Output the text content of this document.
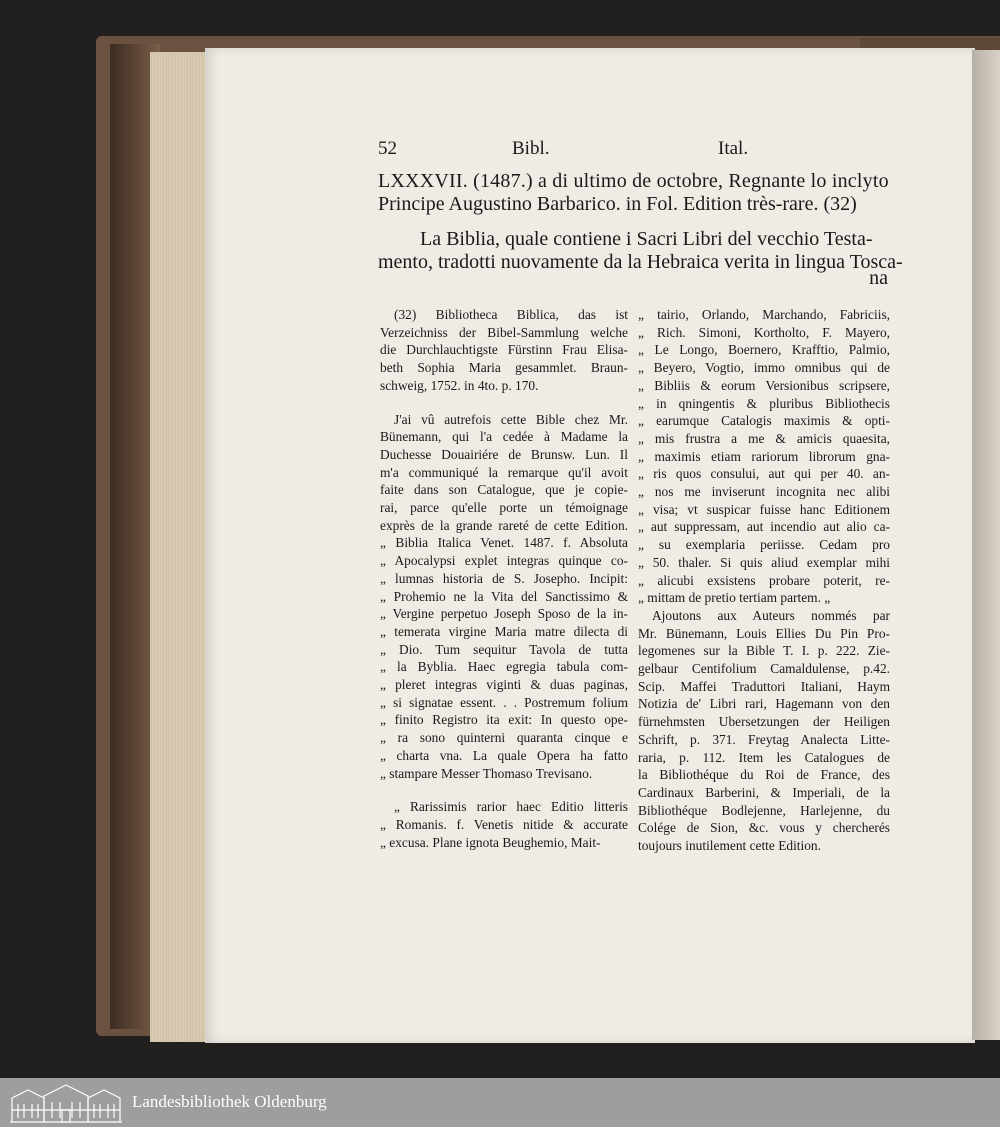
52	Bibl.	Ital.
LXXXVII. (1487.) a di ultimo de octobre, Regnante lo inclyto
Principe Augustino Barbarico. in Fol. Edition très-rare. (32)
La Biblia, quale contiene i Sacri Libri del vecchio Testa-
mento, tradotti nuovamente da la Hebraica verita in lingua Tosca-
na

(32) Bibliotheca Biblica, das ist

Verzeichniss der Bibel-Sammlung welche

die Durchlauchtigste Fürstinn Frau Elisa-

beth Sophia Maria gesammlet. Braun-

schweig, 1752. in 4to. p. 170.

J'ai vû autrefois cette Bible chez Mr.

Bünemann, qui l'a cedée à Madame la

Duchesse Douairiére de Brunsw. Lun. Il

m'a communiqué la remarque qu'il avoit

faite dans son Catalogue, que je copie-

rai, parce qu'elle porte un témoignage

exprès de la grande rareté de cette Edition.

„ Biblia Italica Venet. 1487. f. Absoluta

„ Apocalypsi explet integras quinque co-

„ lumnas historia de S. Josepho. Incipit:

„ Prohemio ne la Vita del Sanctissimo &

„ Vergine perpetuo Joseph Sposo de la in-

„ temerata virgine Maria matre dilecta di

„ Dio. Tum sequitur Tavola de tutta

„ la Byblia. Haec egregia tabula com-

„ pleret integras viginti & duas paginas,

„ si signatae essent. . . Postremum folium

„ finito Registro ita exit: In questo ope-

„ ra sono quinterni quaranta cinque e

„ charta vna. La quale Opera ha fatto

„ stampare Messer Thomaso Trevisano.

„ Rarissimis rarior haec Editio litteris

„ Romanis. f. Venetis nitide & accurate

„ excusa. Plane ignota Beughemio, Mait-

„ tairio, Orlando, Marchando, Fabriciis,

„ Rich. Simoni, Kortholto, F. Mayero,

„ Le Longo, Boernero, Krafftio, Palmio,

„ Beyero, Vogtio, immo omnibus qui de

„ Bibliis & eorum Versionibus scripsere,

„ in qningentis & pluribus Bibliothecis

„ earumque Catalogis maximis & opti-

„ mis frustra a me & amicis quaesita,

„ maximis etiam rariorum librorum gna-

„ ris quos consului, aut qui per 40. an-

„ nos me inviserunt incognita nec alibi

„ visa; vt suspicar fuisse hanc Editionem

„ aut suppressam, aut incendio aut alio ca-

„ su exemplaria periisse. Cedam pro

„ 50. thaler. Si quis aliud exemplar mihi

„ alicubi exsistens probare poterit, re-

„ mittam de pretio tertiam partem. „

Ajoutons aux Auteurs nommés par

Mr. Bünemann, Louis Ellies Du Pin Pro-

legomenes sur la Bible T. I. p. 222. Zie-

gelbaur Centifolium Camaldulense, p.42.

Scip. Maffei Traduttori Italiani, Haym

Notizia de' Libri rari, Hagemann von den

fürnehmsten Ubersetzungen der Heiligen

Schrift, p. 371. Freytag Analecta Litte-

raria, p. 112. Item les Catalogues de

la Bibliothéque du Roi de France, des

Cardinaux Barberini, & Imperiali, de la

Bibliothéque Bodlejenne, Harlejenne, du

Colége de Sion, &c. vous y chercherés

toujours inutilement cette Edition.

Landesbibliothek Oldenburg
